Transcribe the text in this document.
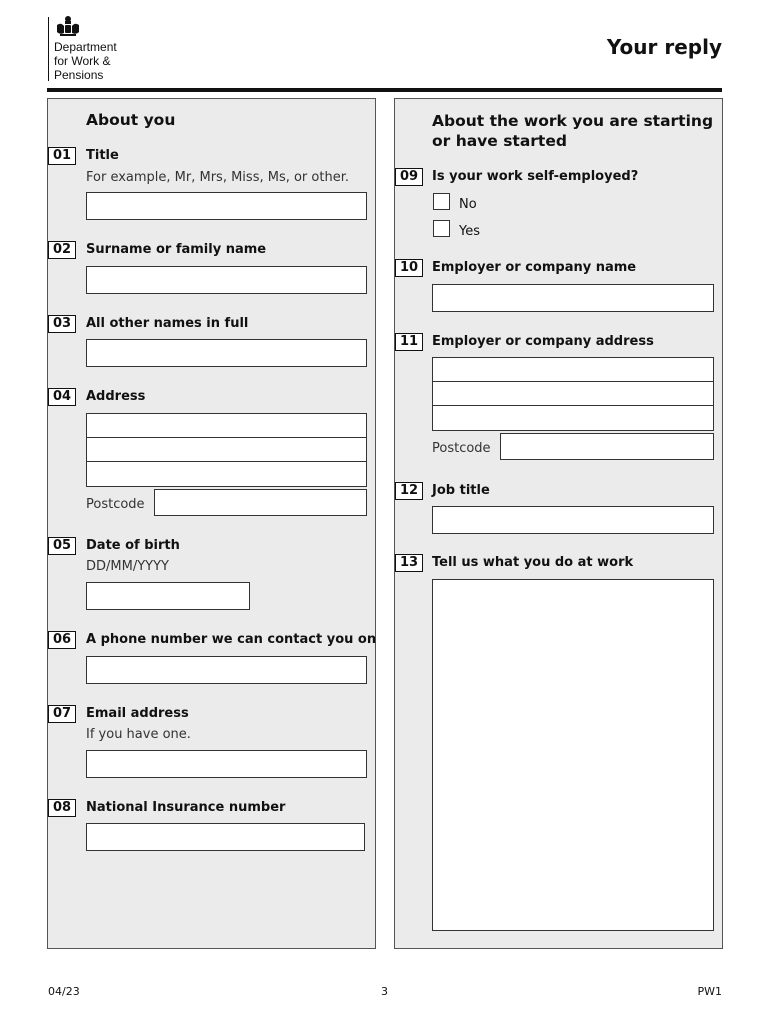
Department
for Work &
Pensions
Your reply
About you
01	Title
For example, Mr, Mrs, Miss, Ms, or other.
02	Surname or family name
03	All other names in full
04	Address
Postcode
05	Date of birth
DD/MM/YYYY
06	A phone number we can contact you on
07	Email address
If you have one.
08	National Insurance number
About the work you are starting
or have started
09	Is your work self-employed?
No
Yes
10	Employer or company name
11	Employer or company address
Postcode
12	Job title
13	Tell us what you do at work
04/23	3	PW1
